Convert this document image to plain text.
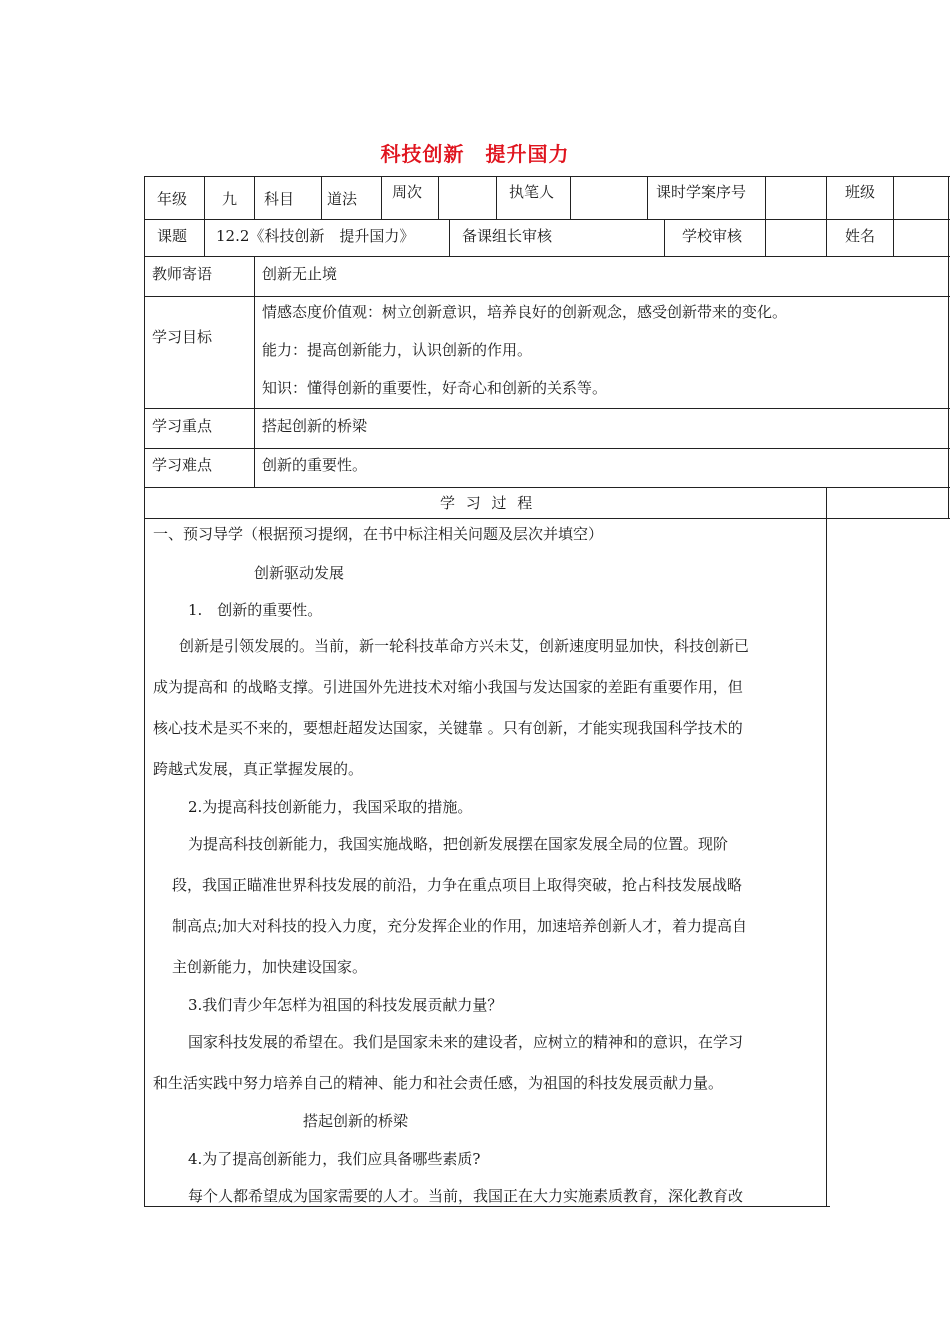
科技创新　提升国力
年级 九 科目 道法 周次	执笔人	课时学案序号	班级
课题 12.2《科技创新　提升国力》	备课组长审核	学校审核	姓名
教师寄语	创新无止境
学习目标
情感态度价值观：树立创新意识，培养良好的创新观念，感受创新带来的变化。
能力：提高创新能力，认识创新的作用。
知识：懂得创新的重要性，好奇心和创新的关系等。
学习重点	搭起创新的桥梁
学习难点	创新的重要性。
学 习 过 程
一、预习导学（根据预习提纲，在书中标注相关问题及层次并填空）
创新驱动发展
1.　创新的重要性。
创新是引领发展的。当前，新一轮科技革命方兴未艾，创新速度明显加快，科技创新已
成为提高和 的战略支撑。引进国外先进技术对缩小我国与发达国家的差距有重要作用，但
核心技术是买不来的，要想赶超发达国家，关键靠 。只有创新，才能实现我国科学技术的
跨越式发展，真正掌握发展的。
2.为提高科技创新能力，我国采取的措施。
为提高科技创新能力，我国实施战略，把创新发展摆在国家发展全局的位置。现阶
段，我国正瞄准世界科技发展的前沿，力争在重点项目上取得突破，抢占科技发展战略
制高点;加大对科技的投入力度，充分发挥企业的作用，加速培养创新人才，着力提高自
主创新能力，加快建设国家。
3.我们青少年怎样为祖国的科技发展贡献力量？
国家科技发展的希望在。我们是国家未来的建设者，应树立的精神和的意识，在学习
和生活实践中努力培养自己的精神、能力和社会责任感，为祖国的科技发展贡献力量。
搭起创新的桥梁
4.为了提高创新能力，我们应具备哪些素质?
每个人都希望成为国家需要的人才。当前，我国正在大力实施素质教育，深化教育改
